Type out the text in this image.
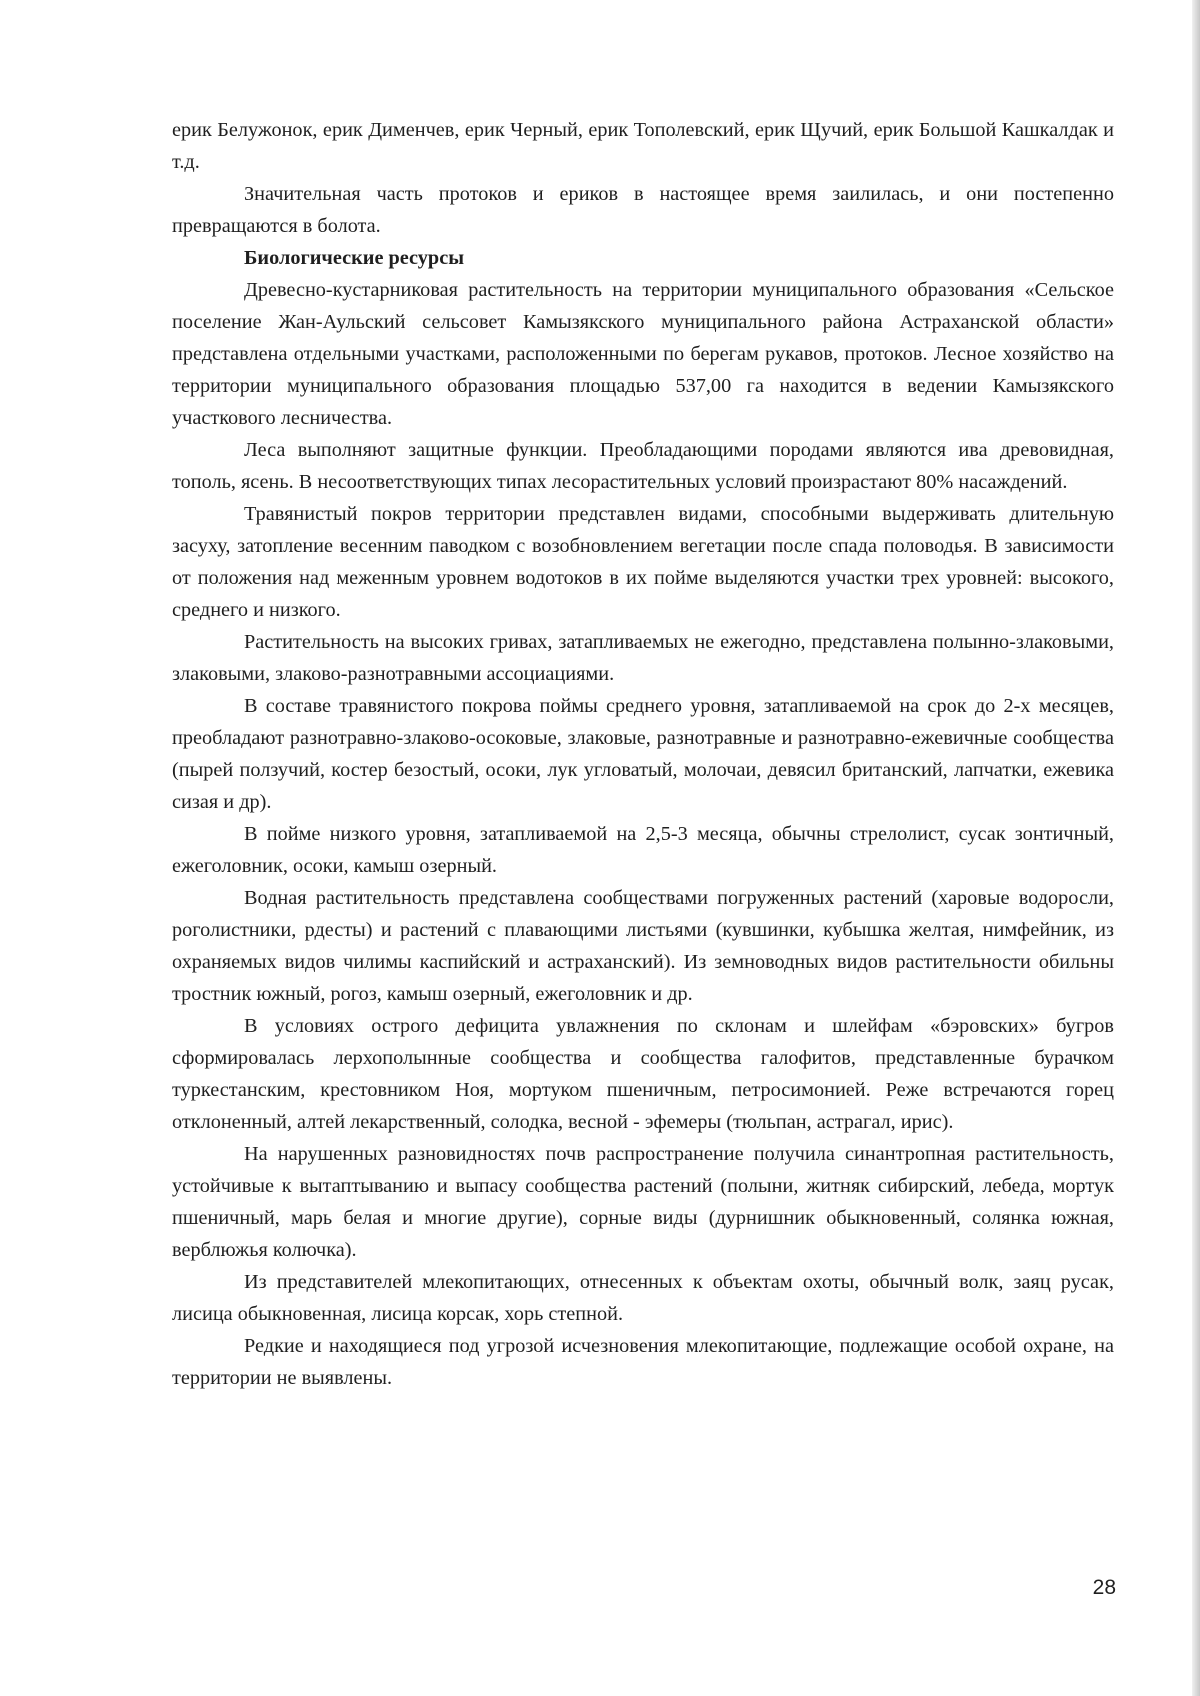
ерик Белужонок, ерик Дименчев, ерик Черный, ерик Тополевский, ерик Щучий, ерик Большой Кашкалдак и т.д.

Значительная часть протоков и ериков в настоящее время заилилась, и они постепенно превращаются в болота.

Биологические ресурсы

Древесно-кустарниковая растительность на территории муниципального образования «Сельское поселение Жан-Аульский сельсовет Камызякского муниципального района Астраханской области» представлена отдельными участками, расположенными по берегам рукавов, протоков. Лесное хозяйство на территории муниципального образования площадью 537,00 га находится в ведении Камызякского участкового лесничества.

Леса выполняют защитные функции. Преобладающими породами являются ива древовидная, тополь, ясень. В несоответствующих типах лесорастительных условий произрастают 80% насаждений.

Травянистый покров территории представлен видами, способными выдерживать длительную засуху, затопление весенним паводком с возобновлением вегетации после спада половодья. В зависимости от положения над меженным уровнем водотоков в их пойме выделяются участки трех уровней: высокого, среднего и низкого.

Растительность на высоких гривах, затапливаемых не ежегодно, представлена полынно-злаковыми, злаковыми, злаково-разнотравными ассоциациями.

В составе травянистого покрова поймы среднего уровня, затапливаемой на срок до 2-х месяцев, преобладают разнотравно-злаково-осоковые, злаковые, разнотравные и разнотравно-ежевичные сообщества (пырей ползучий, костер безостый, осоки, лук угловатый, молочаи, девясил британский, лапчатки, ежевика сизая и др).

В пойме низкого уровня, затапливаемой на 2,5-3 месяца, обычны стрелолист, сусак зонтичный, ежеголовник, осоки, камыш озерный.

Водная растительность представлена сообществами погруженных растений (харовые водоросли, роголистники, рдесты) и растений с плавающими листьями (кувшинки, кубышка желтая, нимфейник, из охраняемых видов чилимы каспийский и астраханский). Из земноводных видов растительности обильны тростник южный, рогоз, камыш озерный, ежеголовник и др.

В условиях острого дефицита увлажнения по склонам и шлейфам «бэровских» бугров сформировалась лерхополынные сообщества и сообщества галофитов, представленные бурачком туркестанским, крестовником Ноя, мортуком пшеничным, петросимонией. Реже встречаются горец отклоненный, алтей лекарственный, солодка, весной - эфемеры (тюльпан, астрагал, ирис).

На нарушенных разновидностях почв распространение получила синантропная растительность, устойчивые к вытаптыванию и выпасу сообщества растений (полыни, житняк сибирский, лебеда, мортук пшеничный, марь белая и многие другие), сорные виды (дурнишник обыкновенный, солянка южная, верблюжья колючка).

Из представителей млекопитающих, отнесенных к объектам охоты, обычный волк, заяц русак, лисица обыкновенная, лисица корсак, хорь степной.

Редкие и находящиеся под угрозой исчезновения млекопитающие, подлежащие особой охране, на территории не выявлены.

28
